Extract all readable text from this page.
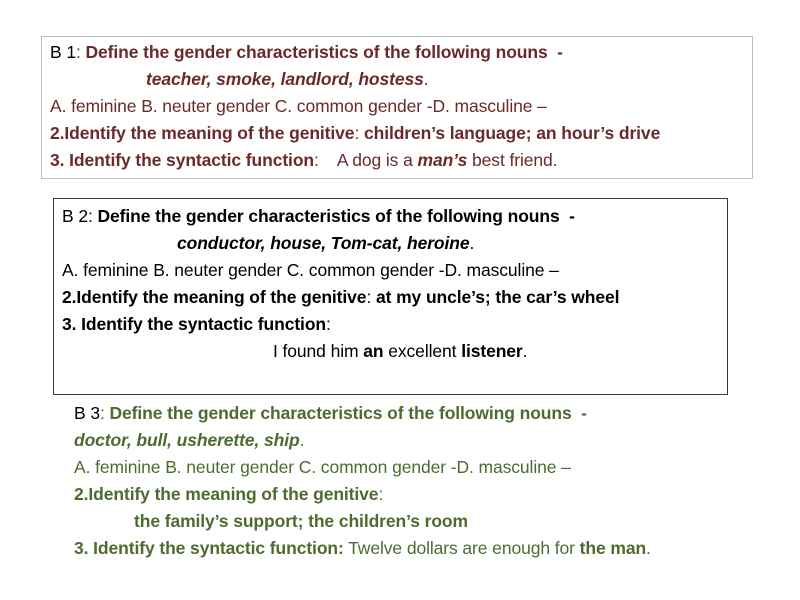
B 1: Define the gender characteristics of the following nouns -
teacher, smoke, landlord, hostess.
A. feminine B. neuter gender C. common gender -D. masculine –
2.Identify the meaning of the genitive: children’s language; an hour’s drive
3. Identify the syntactic function: A dog is a man’s best friend.
B 2: Define the gender characteristics of the following nouns -
conductor, house, Tom-cat, heroine.
A. feminine B. neuter gender C. common gender -D. masculine –
2.Identify the meaning of the genitive: at my uncle’s; the car’s wheel
3. Identify the syntactic function:
I found him an excellent listener.
B 3: Define the gender characteristics of the following nouns -
doctor, bull, usherette, ship.
A. feminine B. neuter gender C. common gender -D. masculine –
2.Identify the meaning of the genitive:
the family’s support; the children’s room
3. Identify the syntactic function: Twelve dollars are enough for the man.
